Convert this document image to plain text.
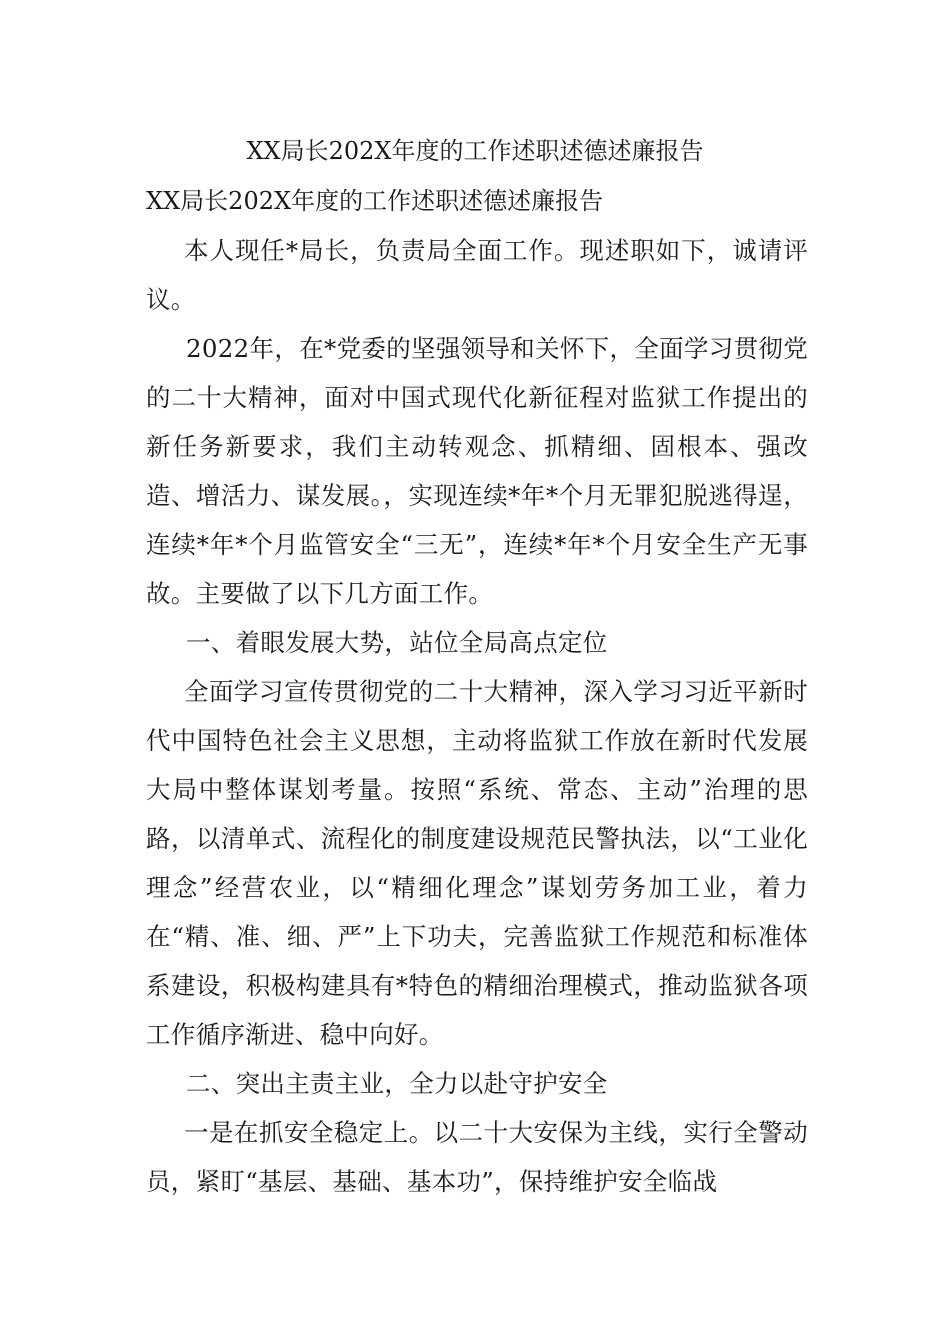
XX局长202X年度的工作述职述德述廉报告
XX局长202X年度的工作述职述德述廉报告

本人现任*局长，负责局全面工作。现述职如下，诚请评议。

2022年，在*党委的坚强领导和关怀下，全面学习贯彻党的二十大精神，面对中国式现代化新征程对监狱工作提出的新任务新要求，我们主动转观念、抓精细、固根本、强改造、增活力、谋发展。，实现连续*年*个月无罪犯脱逃得逞，连续*年*个月监管安全“三无”，连续*年*个月安全生产无事故。主要做了以下几方面工作。

一、着眼发展大势，站位全局高点定位

全面学习宣传贯彻党的二十大精神，深入学习习近平新时代中国特色社会主义思想，主动将监狱工作放在新时代发展大局中整体谋划考量。按照“系统、常态、主动”治理的思路，以清单式、流程化的制度建设规范民警执法，以“工业化理念”经营农业，以“精细化理念”谋划劳务加工业，着力在“精、准、细、严”上下功夫，完善监狱工作规范和标准体系建设，积极构建具有*特色的精细治理模式，推动监狱各项工作循序渐进、稳中向好。

二、突出主责主业，全力以赴守护安全

一是在抓安全稳定上。以二十大安保为主线，实行全警动员，紧盯“基层、基础、基本功”，保持维护安全临战
